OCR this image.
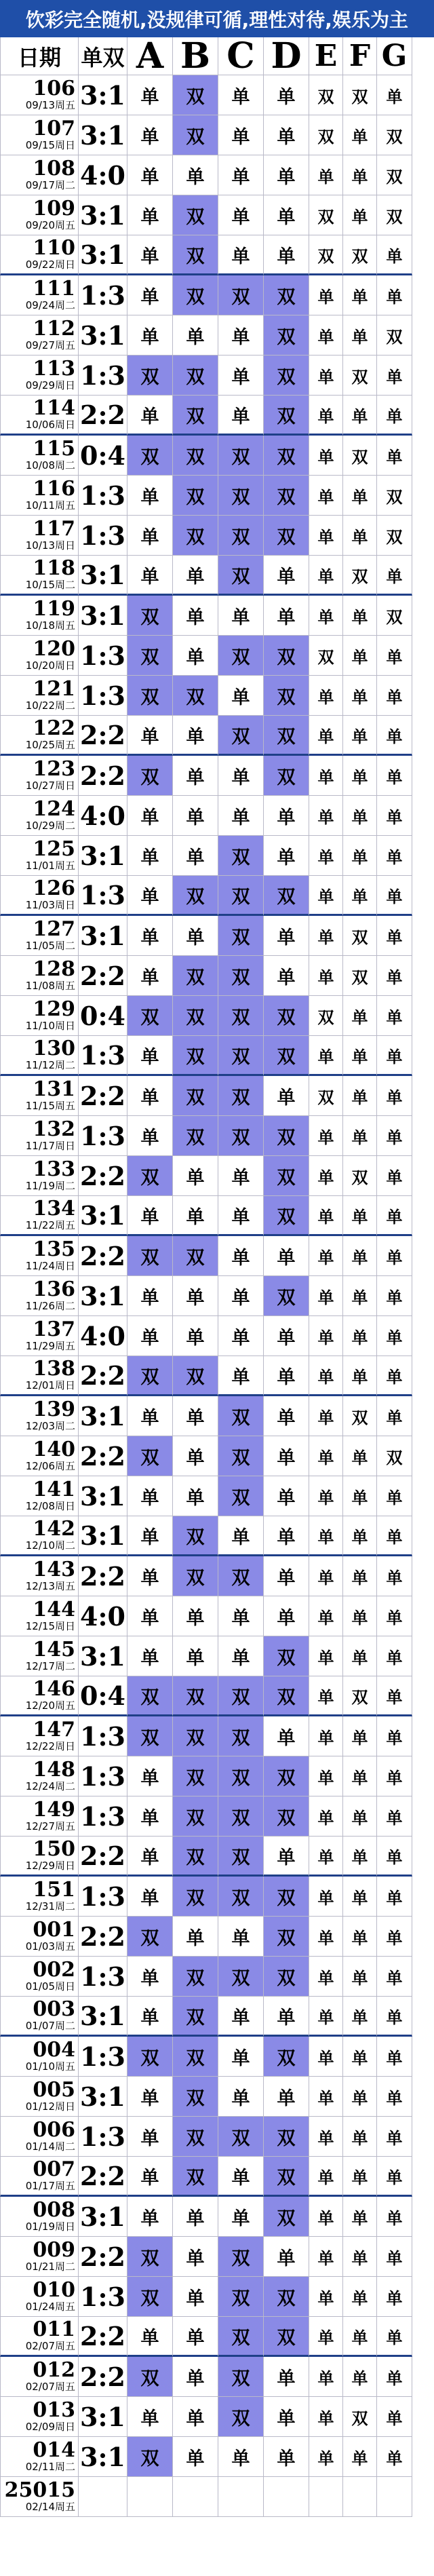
饮彩完全随机,没规律可循,理性对待,娱乐为主
日期 单双 A B C D E F G
106
09/13周五 3:1 单 双 单 单 双 双 单
107
09/15周日 3:1 单 双 单 单 双 单 双
108
09/17周二 4:0 单 单 单 单 单 单 双
109
09/20周五 3:1 单 双 单 单 双 单 双
110
09/22周日 3:1 单 双 单 单 双 双 单
111
09/24周二 1:3 单 双 双 双 单 单 单
112
09/27周五 3:1 单 单 单 双 单 单 双
113
09/29周日 1:3 双 双 单 双 单 双 单
114
10/06周日 2:2 单 双 单 双 单 单 单
115
10/08周二 0:4 双 双 双 双 单 双 单
116
10/11周五 1:3 单 双 双 双 单 单 双
117
10/13周日 1:3 单 双 双 双 单 单 双
118
10/15周二 3:1 单 单 双 单 单 双 单
119
10/18周五 3:1 双 单 单 单 单 单 双
120
10/20周日 1:3 双 单 双 双 双 单 单
121
10/22周二 1:3 双 双 单 双 单 单 单
122
10/25周五 2:2 单 单 双 双 单 单 单
123
10/27周日 2:2 双 单 单 双 单 单 单
124
10/29周二 4:0 单 单 单 单 单 单 单
125
11/01周五 3:1 单 单 双 单 单 单 单
126
11/03周日 1:3 单 双 双 双 单 单 单
127
11/05周二 3:1 单 单 双 单 单 双 单
128
11/08周五 2:2 单 双 双 单 单 双 单
129
11/10周日 0:4 双 双 双 双 双 单 单
130
11/12周二 1:3 单 双 双 双 单 单 单
131
11/15周五 2:2 单 双 双 单 双 单 单
132
11/17周日 1:3 单 双 双 双 单 单 单
133
11/19周二 2:2 双 单 单 双 单 双 单
134
11/22周五 3:1 单 单 单 双 单 单 单
135
11/24周日 2:2 双 双 单 单 单 单 单
136
11/26周二 3:1 单 单 单 双 单 单 单
137
11/29周五 4:0 单 单 单 单 单 单 单
138
12/01周日 2:2 双 双 单 单 单 单 单
139
12/03周二 3:1 单 单 双 单 单 双 单
140
12/06周五 2:2 双 单 双 单 单 单 双
141
12/08周日 3:1 单 单 双 单 单 单 单
142
12/10周二 3:1 单 双 单 单 单 单 单
143
12/13周五 2:2 单 双 双 单 单 单 单
144
12/15周日 4:0 单 单 单 单 单 单 单
145
12/17周二 3:1 单 单 单 双 单 单 单
146
12/20周五 0:4 双 双 双 双 单 双 单
147
12/22周日 1:3 双 双 双 单 单 单 单
148
12/24周二 1:3 单 双 双 双 单 单 单
149
12/27周五 1:3 单 双 双 双 单 单 单
150
12/29周日 2:2 单 双 双 单 单 单 单
151
12/31周二 1:3 单 双 双 双 单 单 单
001
01/03周五 2:2 双 单 单 双 单 单 单
002
01/05周日 1:3 单 双 双 双 单 单 单
003
01/07周二 3:1 单 双 单 单 单 单 单
004
01/10周五 1:3 双 双 单 双 单 单 单
005
01/12周日 3:1 单 双 单 单 单 单 单
006
01/14周二 1:3 单 双 双 双 单 单 单
007
01/17周五 2:2 单 双 单 双 单 单 单
008
01/19周日 3:1 单 单 单 双 单 单 单
009
01/21周二 2:2 双 单 双 单 单 单 单
010
01/24周五 1:3 双 单 双 双 单 单 单
011
02/07周五 2:2 单 单 双 双 单 单 单
012
02/07周五 2:2 双 单 双 单 单 单 单
013
02/09周日 3:1 单 单 双 单 单 双 单
014
02/11周二 3:1 双 单 单 单 单 单 单
25015
02/14周五
